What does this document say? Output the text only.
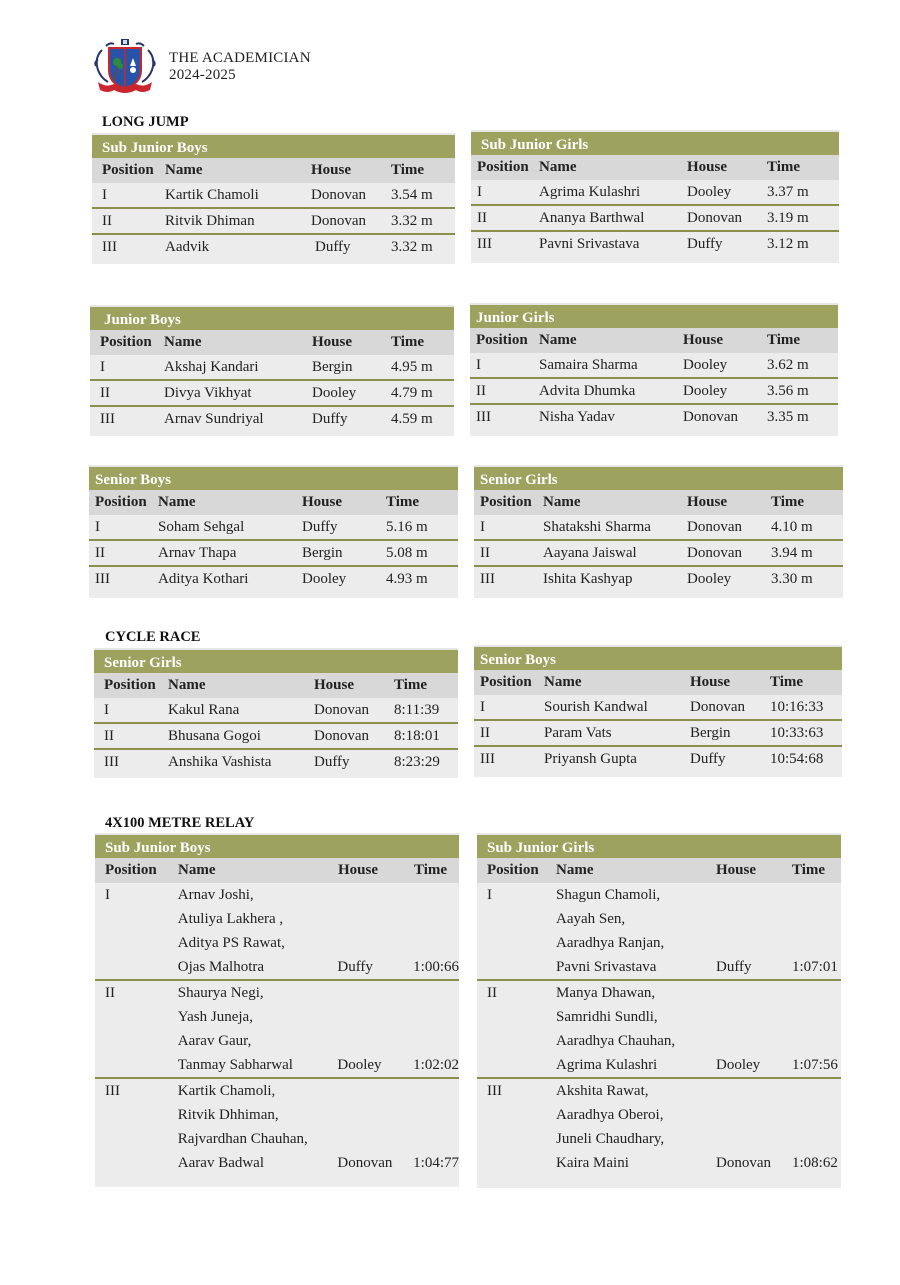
THE ACADEMICIAN
2024-2025
LONG JUMP
Sub Junior Boys
Position Name	House	Time
I	Kartik Chamoli	Donovan	3.54 m
II	Ritvik Dhiman	Donovan	3.32 m
III	Aadvik	Duffy	3.32 m
Sub Junior Girls
Position Name	House	Time
I	Agrima Kulashri	Dooley	3.37 m
II	Ananya Barthwal	Donovan	3.19 m
III	Pavni Srivastava	Duffy	3.12 m
Junior Boys
Position Name	House	Time
I	Akshaj Kandari	Bergin	4.95 m
II	Divya Vikhyat	Dooley	4.79 m
III	Arnav Sundriyal	Duffy	4.59 m
Junior Girls
Position Name	House	Time
I	Samaira Sharma	Dooley	3.62 m
II	Advita Dhumka	Dooley	3.56 m
III	Nisha Yadav	Donovan	3.35 m
Senior Boys
Position Name	House	Time
I	Soham Sehgal	Duffy	5.16 m
II	Arnav Thapa	Bergin	5.08 m
III	Aditya Kothari	Dooley	4.93 m
Senior Girls
Position Name	House	Time
I	Shatakshi Sharma	Donovan	4.10 m
II	Aayana Jaiswal	Donovan	3.94 m
III	Ishita Kashyap	Dooley	3.30 m
CYCLE RACE
Senior Girls
Position Name	House	Time
I	Kakul Rana	Donovan	8:11:39
II	Bhusana Gogoi	Donovan	8:18:01
III	Anshika Vashista	Duffy	8:23:29
Senior Boys
Position Name	House	Time
I	Sourish Kandwal	Donovan	10:16:33
II	Param Vats	Bergin	10:33:63
III	Priyansh Gupta	Duffy	10:54:68
4X100 METRE RELAY
Sub Junior Boys
Position	Name	House	Time
I	Arnav Joshi,
Atuliya Lakhera ,
Aditya PS Rawat,
Ojas Malhotra	Duffy	1:00:66
II	Shaurya Negi,
Yash Juneja,
Aarav Gaur,
Tanmay Sabharwal	Dooley	1:02:02
III	Kartik Chamoli,
Ritvik Dhhiman,
Rajvardhan Chauhan,
Aarav Badwal	Donovan	1:04:77
Sub Junior Girls
Position	Name	House	Time
I	Shagun Chamoli,
Aayah Sen,
Aaradhya Ranjan,
Pavni Srivastava	Duffy	1:07:01
II	Manya Dhawan,
Samridhi Sundli,
Aaradhya Chauhan,
Agrima Kulashri	Dooley	1:07:56
III	Akshita Rawat,
Aaradhya Oberoi,
Juneli Chaudhary,
Kaira Maini	Donovan	1:08:62
